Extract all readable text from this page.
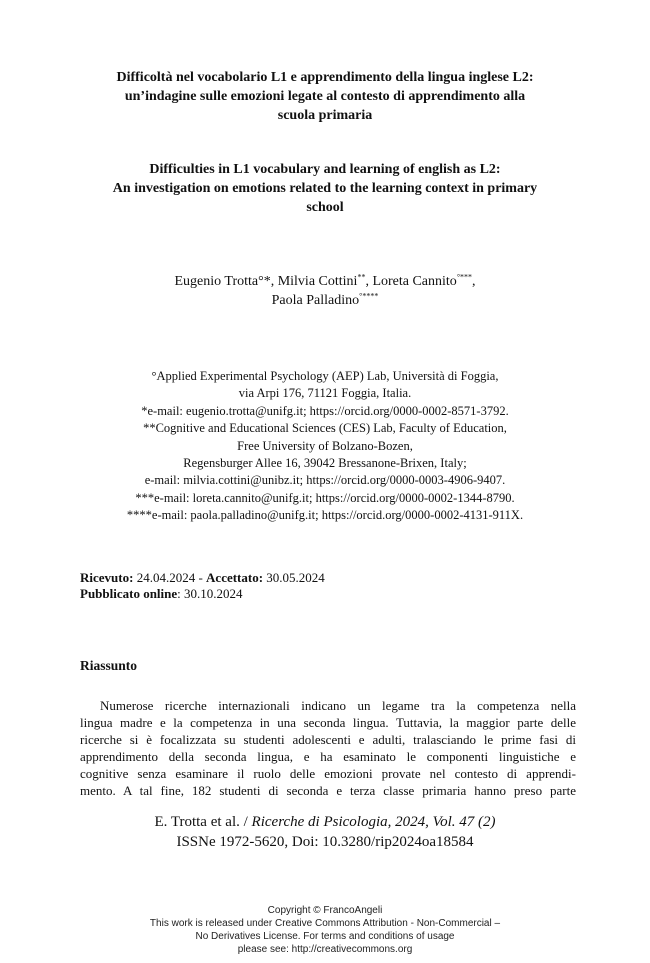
Difficoltà nel vocabolario L1 e apprendimento della lingua inglese L2:
un’indagine sulle emozioni legate al contesto di apprendimento alla
scuola primaria
Difficulties in L1 vocabulary and learning of english as L2:
An investigation on emotions related to the learning context in primary
school
Eugenio Trotta°*, Milvia Cottini**, Loreta Cannito°***,
Paola Palladino°****
°Applied Experimental Psychology (AEP) Lab, Università di Foggia,
via Arpi 176, 71121 Foggia, Italia.
*e-mail: eugenio.trotta@unifg.it; https://orcid.org/0000-0002-8571-3792.
**Cognitive and Educational Sciences (CES) Lab, Faculty of Education,
Free University of Bolzano-Bozen,
Regensburger Allee 16, 39042 Bressanone-Brixen, Italy;
e-mail: milvia.cottini@unibz.it; https://orcid.org/0000-0003-4906-9407.
***e-mail: loreta.cannito@unifg.it; https://orcid.org/0000-0002-1344-8790.
****e-mail: paola.palladino@unifg.it; https://orcid.org/0000-0002-4131-911X.
Ricevuto: 24.04.2024 - Accettato: 30.05.2024
Pubblicato online: 30.10.2024
Riassunto
Numerose ricerche internazionali indicano un legame tra la competenza nella
lingua madre e la competenza in una seconda lingua. Tuttavia, la maggior parte delle
ricerche si è focalizzata su studenti adolescenti e adulti, tralasciando le prime fasi di
apprendimento della seconda lingua, e ha esaminato le componenti linguistiche e
cognitive senza esaminare il ruolo delle emozioni provate nel contesto di apprendi-
mento. A tal fine, 182 studenti di seconda e terza classe primaria hanno preso parte
E. Trotta et al. / Ricerche di Psicologia, 2024, Vol. 47 (2)
ISSNe 1972-5620, Doi: 10.3280/rip2024oa18584
Copyright © FrancoAngeli
This work is released under Creative Commons Attribution - Non-Commercial –
No Derivatives License. For terms and conditions of usage
please see: http://creativecommons.org
